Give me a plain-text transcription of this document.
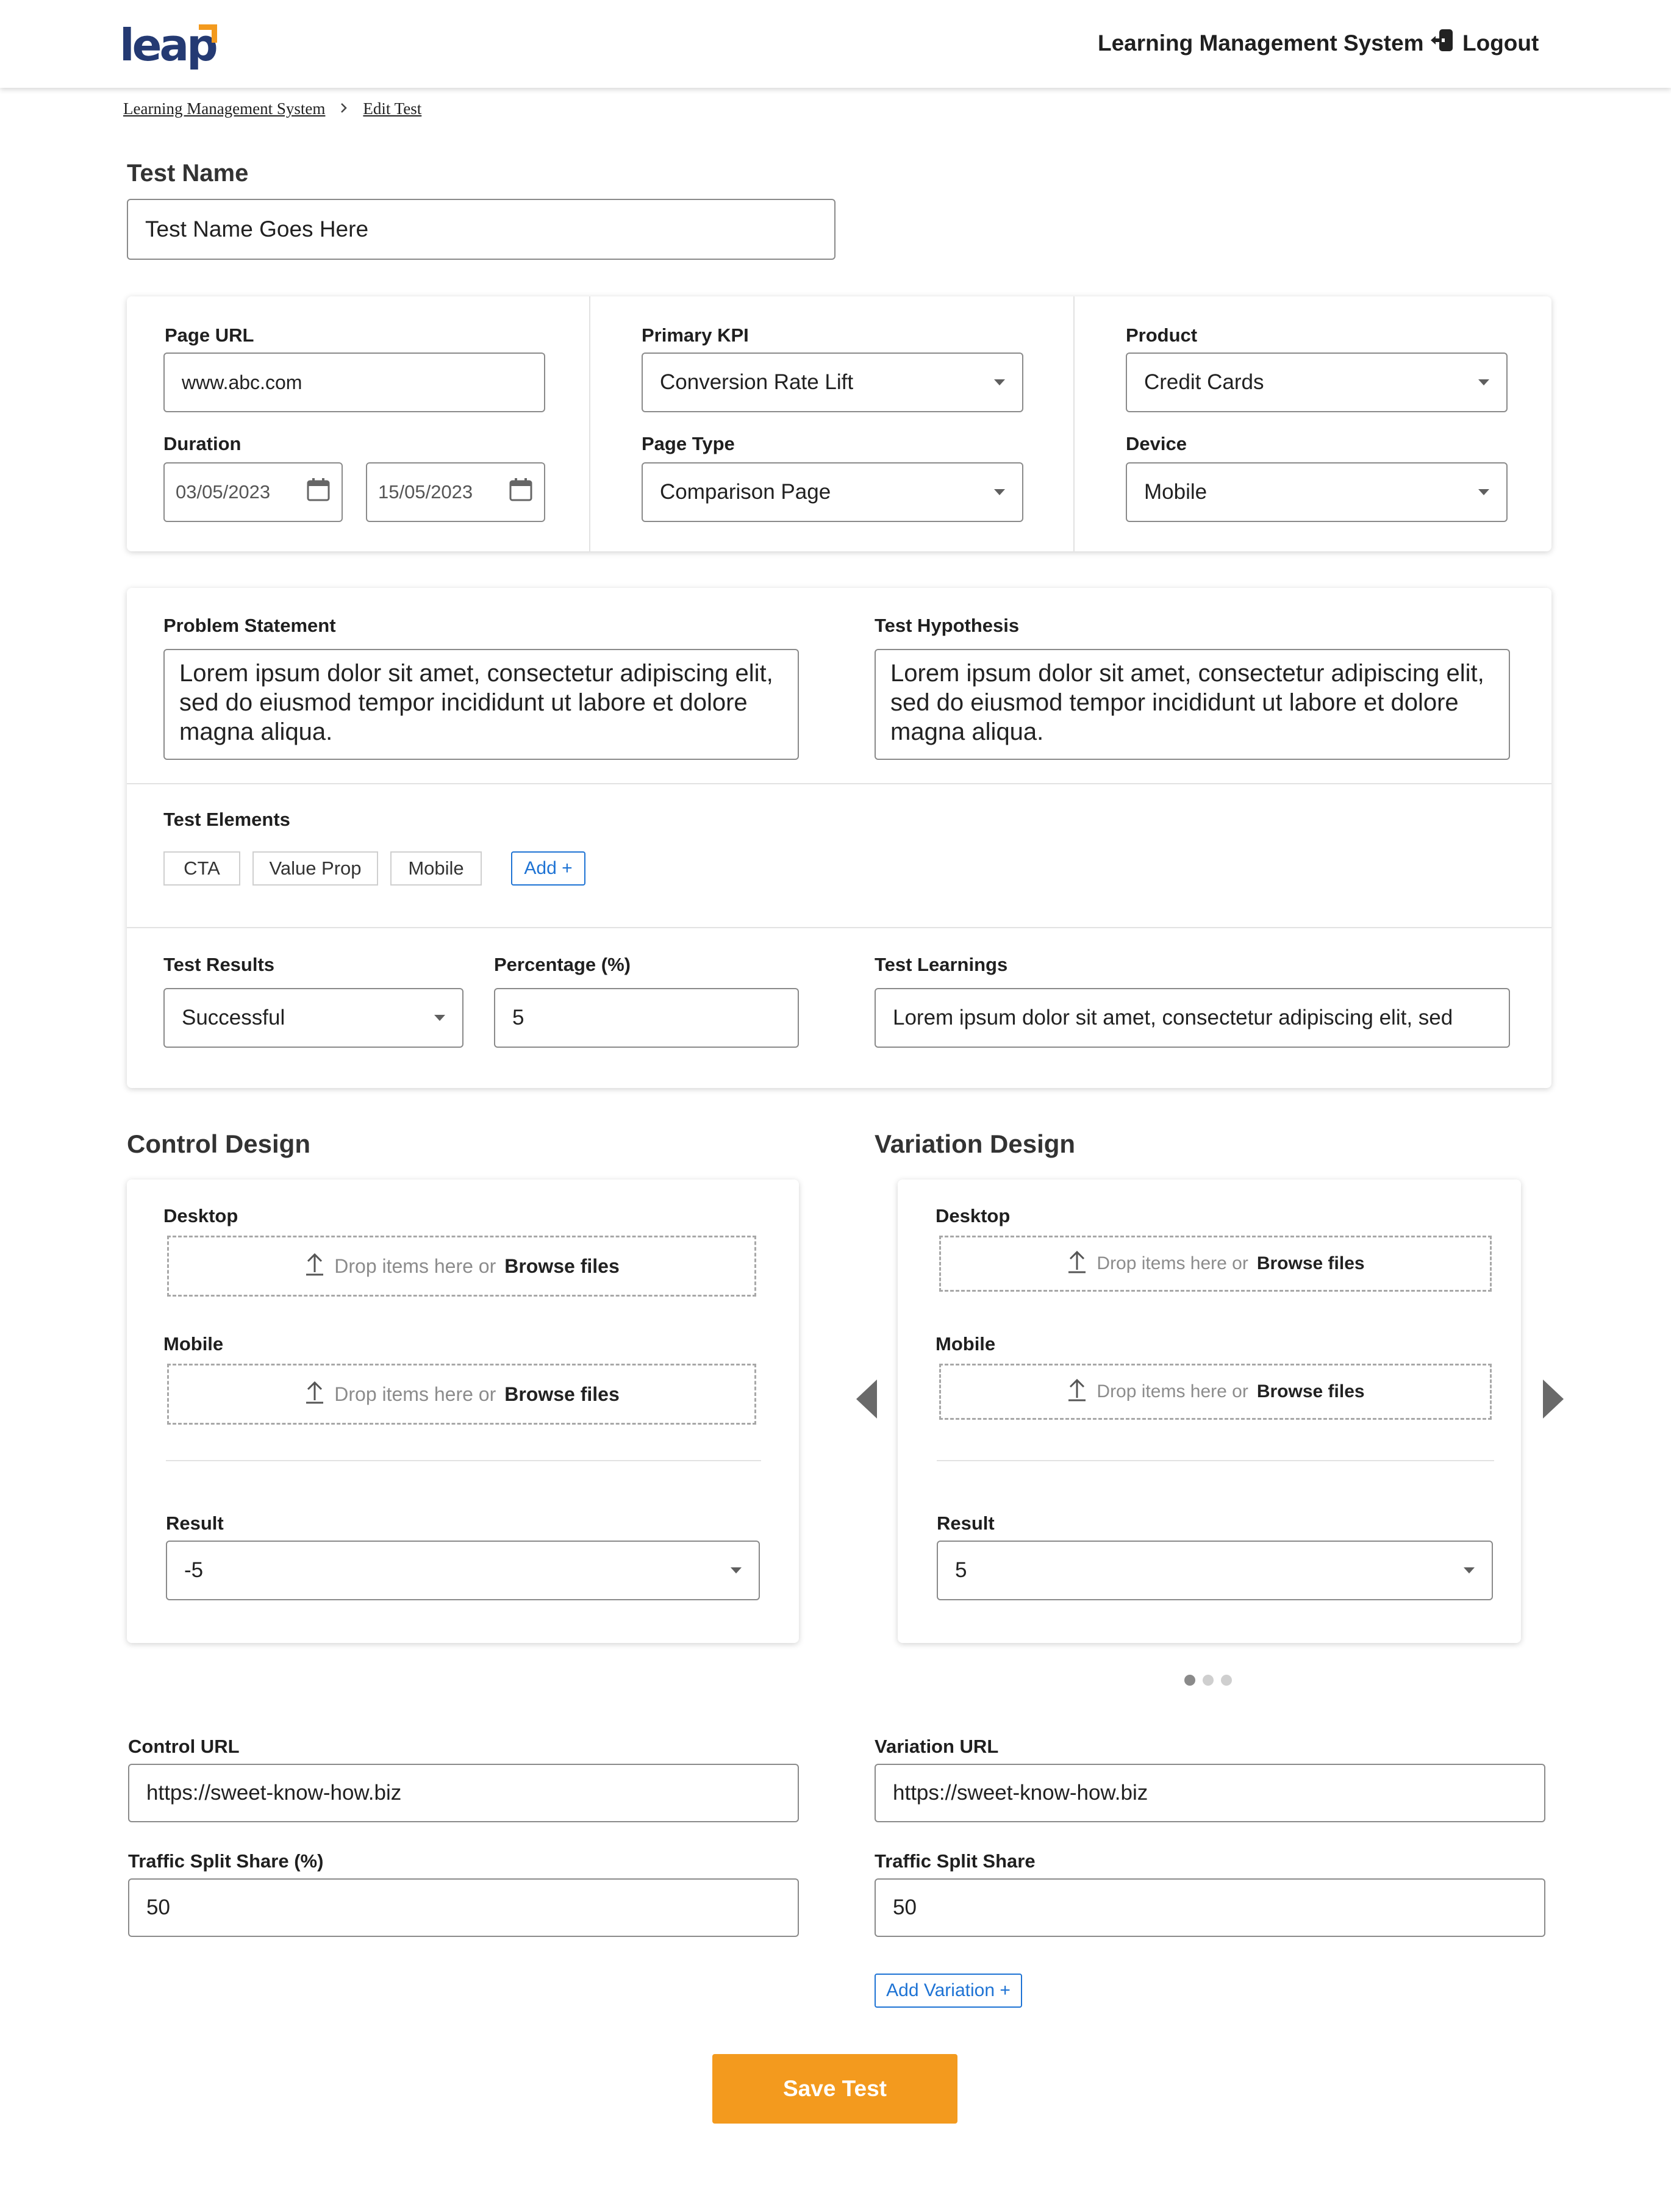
leap	Learning Management System Logout
Learning Management System Edit Test
Test Name
Test Name Goes Here
Page URL
www.abc.com
Duration
03/05/2023	15/05/2023
Primary KPI
Conversion Rate Lift
Page Type
Comparison Page
Product
Credit Cards
Device
Mobile
Problem Statement
Lorem ipsum dolor sit amet, consectetur adipiscing elit, sed do eiusmod tempor incididunt ut labore et dolore magna aliqua.
Test Hypothesis
Lorem ipsum dolor sit amet, consectetur adipiscing elit, sed do eiusmod tempor incididunt ut labore et dolore magna aliqua.
Test Elements
CTA	Value Prop	Mobile	Add +
Test Results
Successful
Percentage (%)
5
Test Learnings
Lorem ipsum dolor sit amet, consectetur adipiscing elit, sed
Control Design
Desktop
Drop items here or Browse files
Mobile
Drop items here or Browse files
Result
-5
Variation Design
Desktop
Drop items here or Browse files
Mobile
Drop items here or Browse files
Result
5
Control URL
https://sweet-know-how.biz
Traffic Split Share (%)
50
Variation URL
https://sweet-know-how.biz
Traffic Split Share
50
Add Variation +
Save Test
